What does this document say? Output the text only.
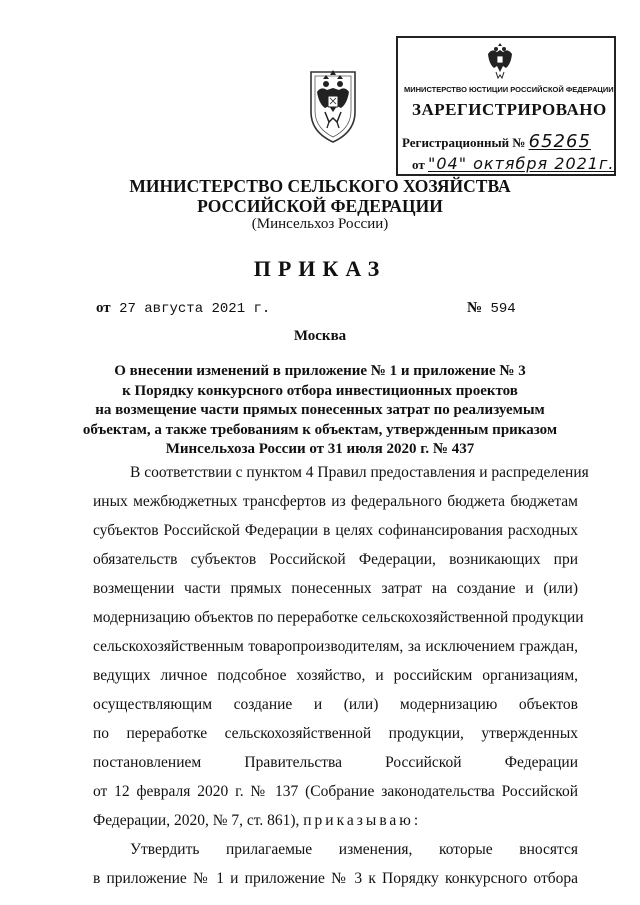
МИНИСТЕРСТВО ЮСТИЦИИ РОССИЙСКОЙ ФЕДЕРАЦИИ
ЗАРЕГИСТРИРОВАНО
Регистрационный № 65265
от "04" октября 2021г.
МИНИСТЕРСТВО СЕЛЬСКОГО ХОЗЯЙСТВА
РОССИЙСКОЙ ФЕДЕРАЦИИ
(Минсельхоз России)
ПРИКАЗ
от 27 августа 2021 г.	№ 594
Москва
О внесении изменений в приложение № 1 и приложение № 3
к Порядку конкурсного отбора инвестиционных проектов
на возмещение части прямых понесенных затрат по реализуемым
объектам, а также требованиям к объектам, утвержденным приказом
Минсельхоза России от 31 июля 2020 г. № 437
В соответствии с пунктом 4 Правил предоставления и распределения
иных межбюджетных трансфертов из федерального бюджета бюджетам
субъектов Российской Федерации в целях софинансирования расходных
обязательств субъектов Российской Федерации, возникающих при
возмещении части прямых понесенных затрат на создание и (или)
модернизацию объектов по переработке сельскохозяйственной продукции
сельскохозяйственным товаропроизводителям, за исключением граждан,
ведущих личное подсобное хозяйство, и российским организациям,
осуществляющим создание и (или) модернизацию объектов
по переработке сельскохозяйственной продукции, утвержденных
постановлением Правительства Российской Федерации
от 12 февраля 2020 г. № 137 (Собрание законодательства Российской
Федерации, 2020, № 7, ст. 861), приказываю:
Утвердить прилагаемые изменения, которые вносятся
в приложение № 1 и приложение № 3 к Порядку конкурсного отбора
